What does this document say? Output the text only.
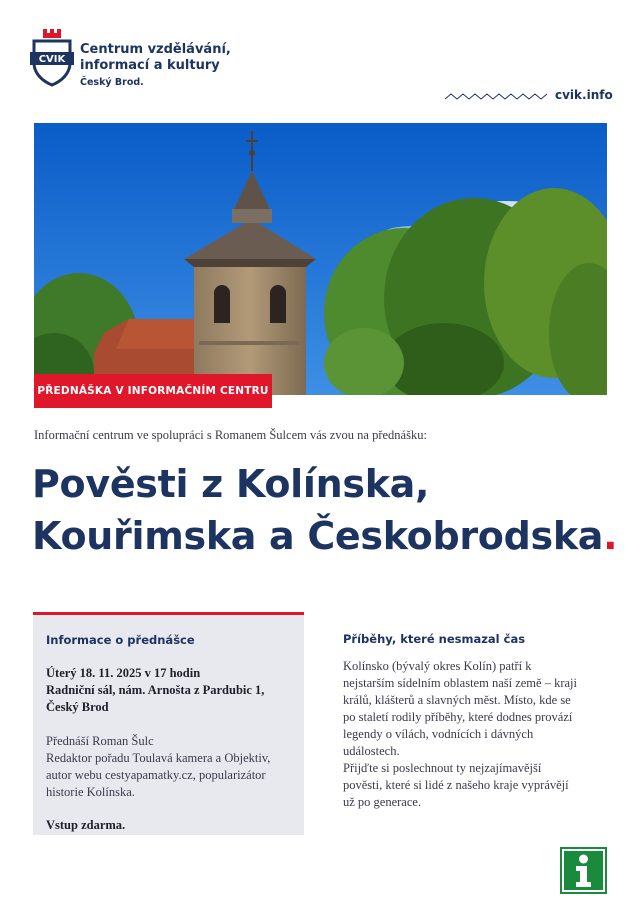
CVIK
Centrum vzdělávání,
informací a kultury
Český Brod.
cvik.info
PŘEDNÁŠKA V INFORMAČNÍM CENTRU
Informační centrum ve spolupráci s Romanem Šulcem vás zvou na přednášku:
Pověsti z Kolínska,
Kouřimska a Českobrodska.
Informace o přednášce
Úterý 18. 11. 2025 v 17 hodin
Radniční sál, nám. Arnošta z Pardubic 1,
Český Brod
Přednáší Roman Šulc
Redaktor pořadu Toulavá kamera a Objektiv,
autor webu cestyapamatky.cz, popularizátor
historie Kolínska.
Vstup zdarma.
Příběhy, které nesmazal čas
Kolínsko (bývalý okres Kolín) patří k
nejstarším sídelním oblastem naší země – kraji
králů, klášterů a slavných měst. Místo, kde se
po staletí rodily příběhy, které dodnes provází
legendy o vílách, vodnících i dávných
událostech.
Přijďte si poslechnout ty nejzajímavější
pověsti, které si lidé z našeho kraje vyprávějí
už po generace.
